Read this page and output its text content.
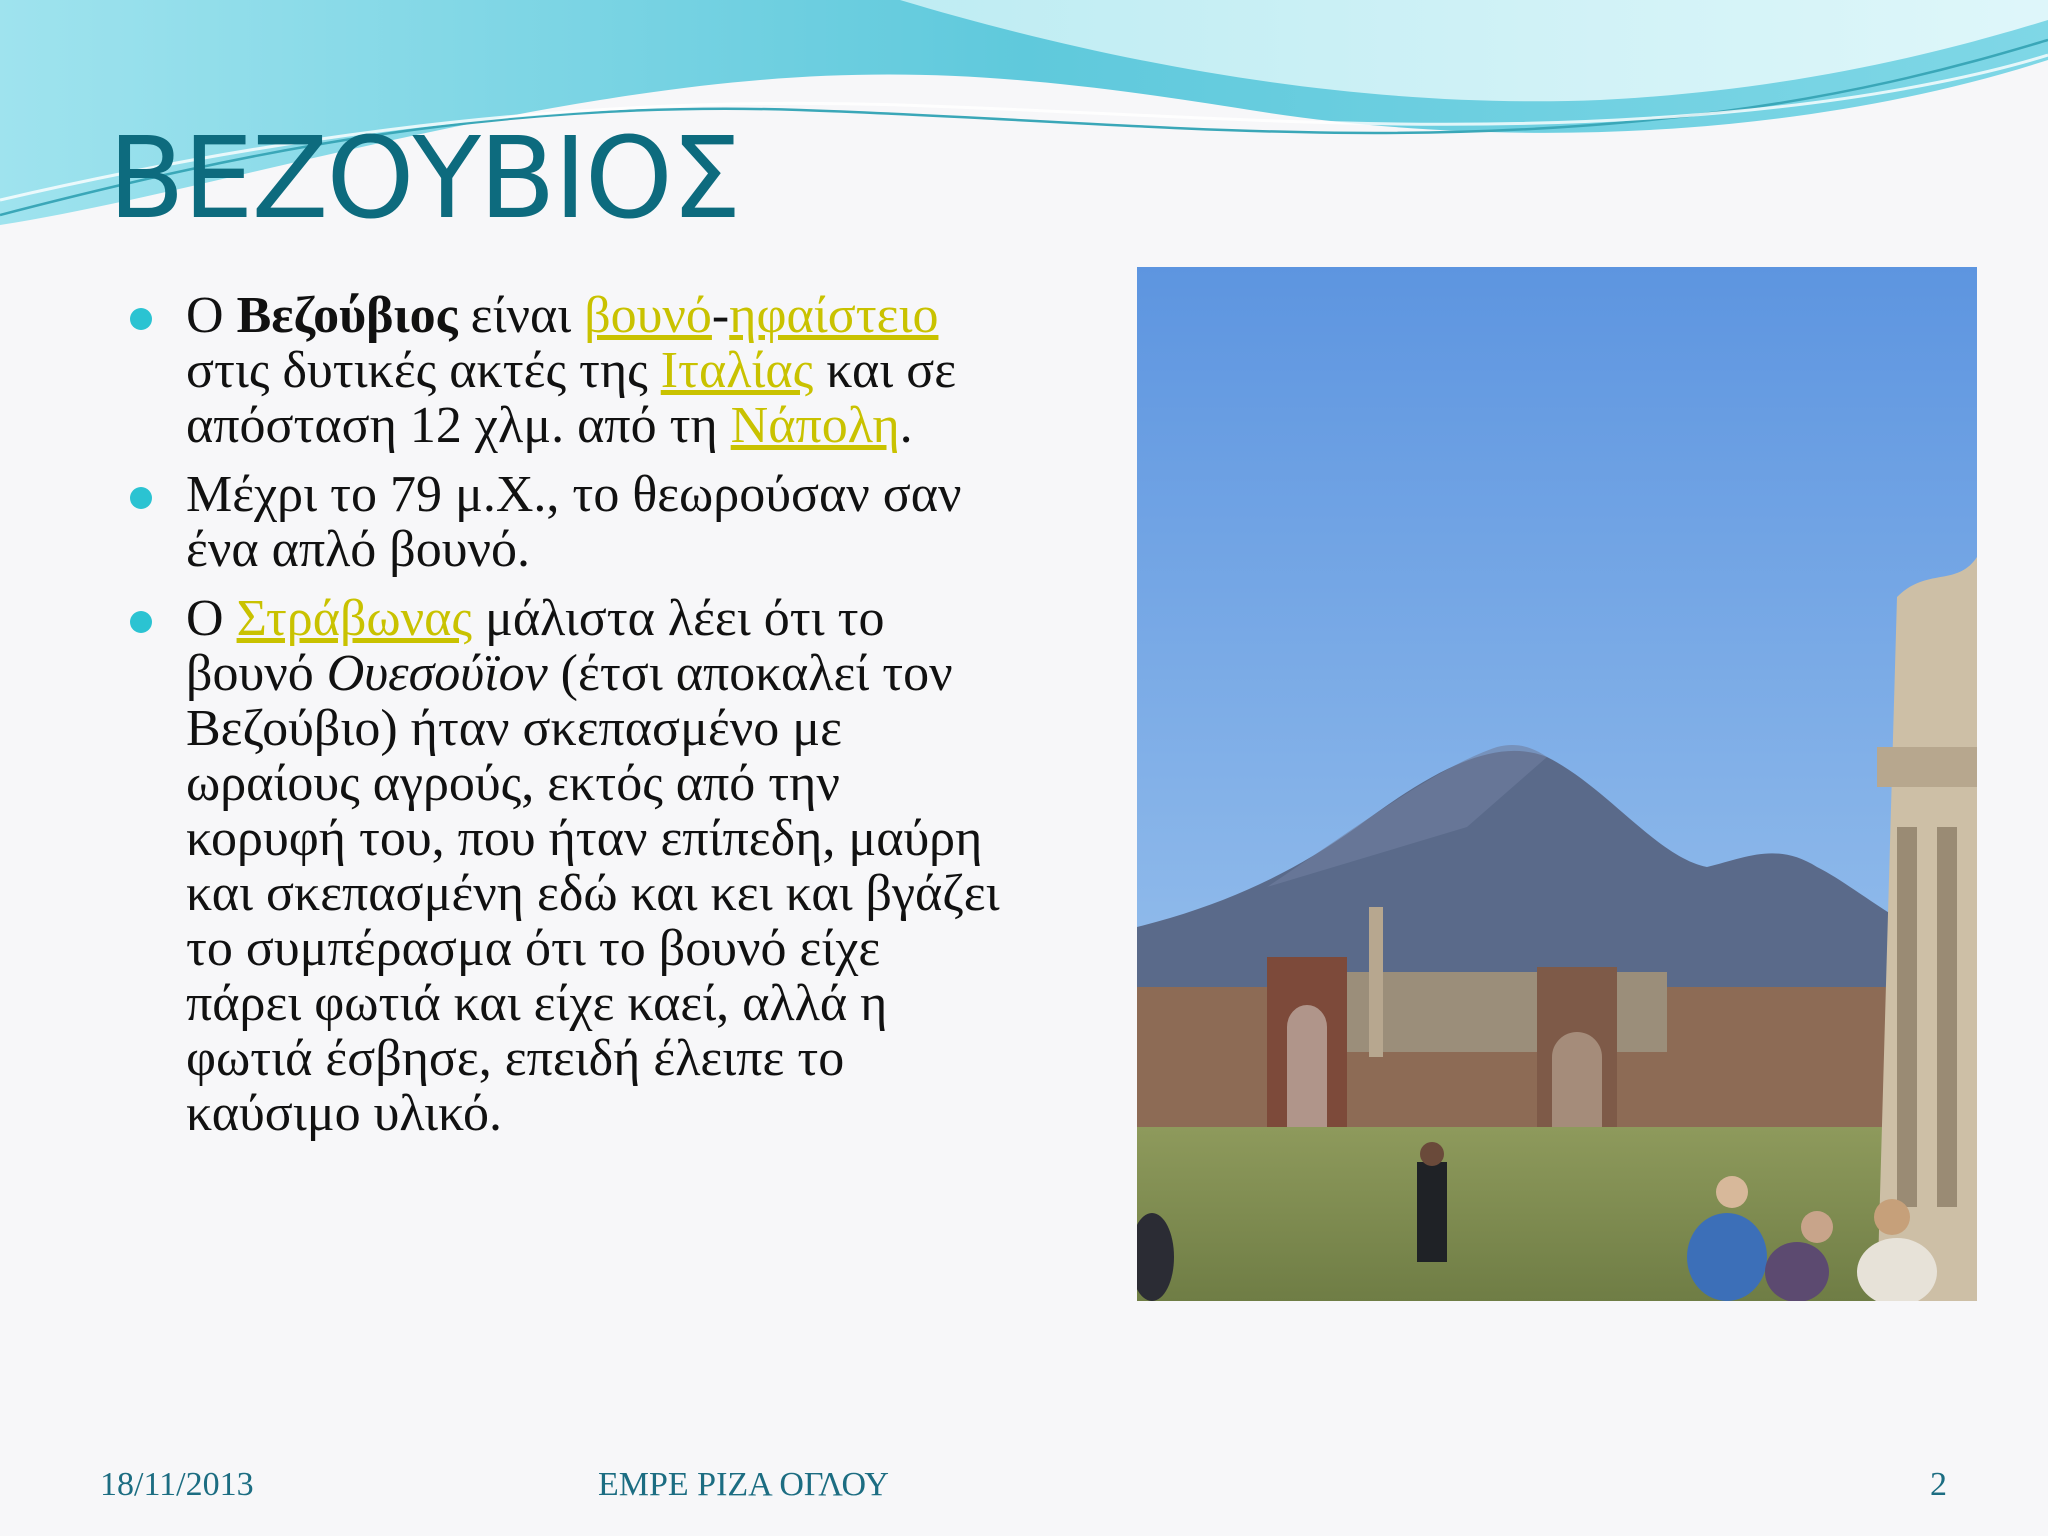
ΒΕΖΟΥΒΙΟΣ
Ο Βεζούβιος είναι βουνό-ηφαίστειο στις δυτικές ακτές της Ιταλίας και σε απόσταση 12 χλμ. από τη Νάπολη.
Μέχρι το 79 μ.Χ., το θεωρούσαν σαν ένα απλό βουνό.
Ο Στράβωνας μάλιστα λέει ότι το βουνό Ουεσούϊον (έτσι αποκαλεί τον Βεζούβιο) ήταν σκεπασμένο με ωραίους αγρούς, εκτός από την κορυφή του, που ήταν επίπεδη, μαύρη και σκεπασμένη εδώ και κει και βγάζει το συμπέρασμα ότι το βουνό είχε πάρει φωτιά και είχε καεί, αλλά η φωτιά έσβησε, επειδή έλειπε το καύσιμο υλικό.
18/11/2013	ΕΜΡΕ ΡΙΖΑ ΟΓΛΟΥ	2
